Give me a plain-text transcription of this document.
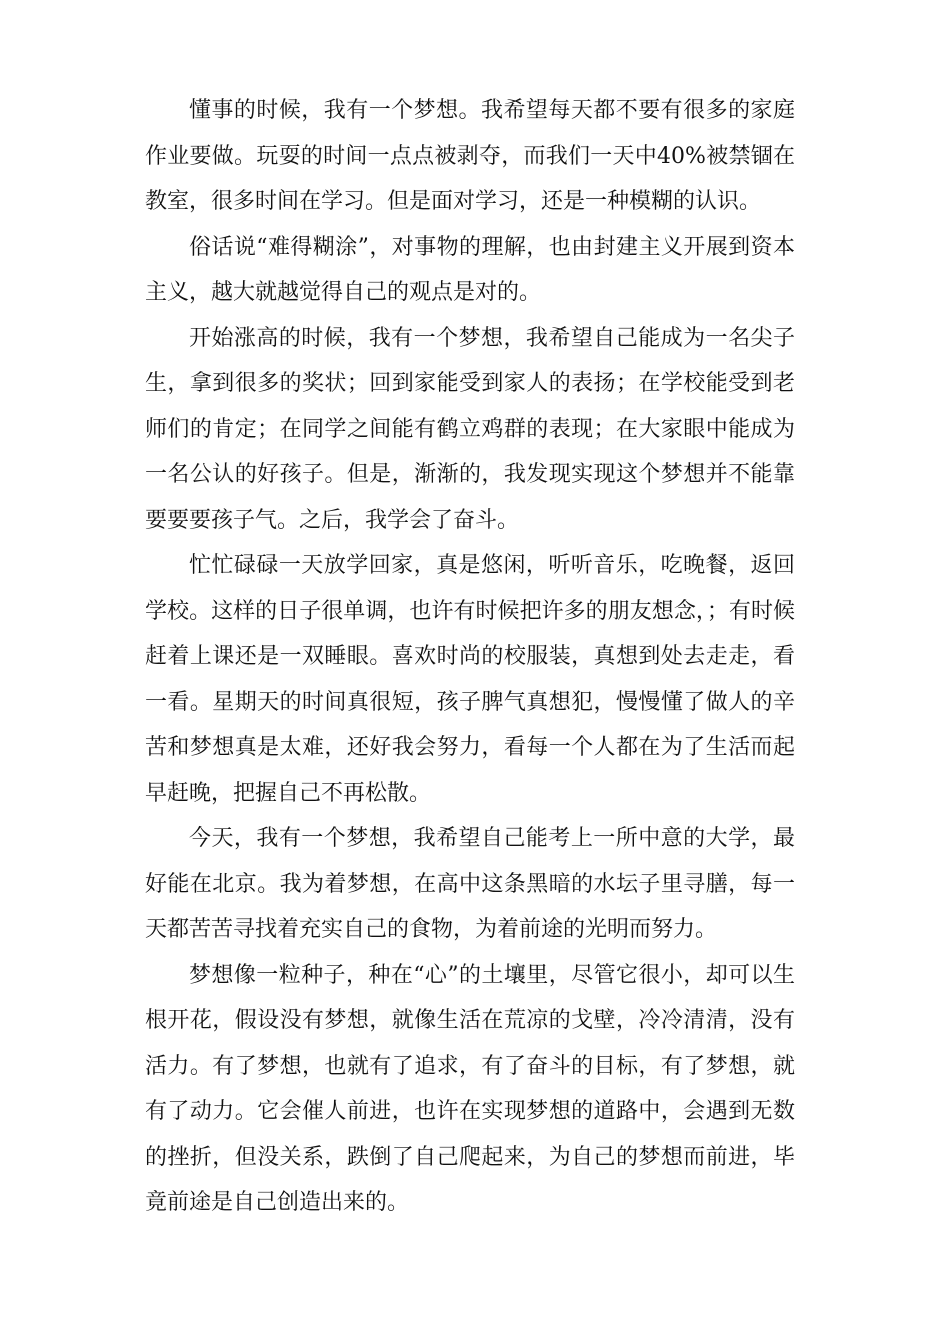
懂事的时候，我有一个梦想。我希望每天都不要有很多的家庭作业要做。玩耍的时间一点点被剥夺，而我们一天中40%被禁锢在教室，很多时间在学习。但是面对学习，还是一种模糊的认识。

俗话说“难得糊涂”，对事物的理解，也由封建主义开展到资本主义，越大就越觉得自己的观点是对的。

开始涨高的时候，我有一个梦想，我希望自己能成为一名尖子生，拿到很多的奖状；回到家能受到家人的表扬；在学校能受到老师们的肯定；在同学之间能有鹤立鸡群的表现；在大家眼中能成为一名公认的好孩子。但是，渐渐的，我发现实现这个梦想并不能靠要要要孩子气。之后，我学会了奋斗。

忙忙碌碌一天放学回家，真是悠闲，听听音乐，吃晚餐，返回学校。这样的日子很单调，也许有时候把许多的朋友想念，；有时候赶着上课还是一双睡眼。喜欢时尚的校服装，真想到处去走走，看一看。星期天的时间真很短，孩子脾气真想犯，慢慢懂了做人的辛苦和梦想真是太难，还好我会努力，看每一个人都在为了生活而起早赶晚，把握自己不再松散。

今天，我有一个梦想，我希望自己能考上一所中意的大学，最好能在北京。我为着梦想，在高中这条黑暗的水坛子里寻膳，每一天都苦苦寻找着充实自己的食物，为着前途的光明而努力。

梦想像一粒种子，种在“心”的土壤里，尽管它很小，却可以生根开花，假设没有梦想，就像生活在荒凉的戈壁，冷冷清清，没有活力。有了梦想，也就有了追求，有了奋斗的目标，有了梦想，就有了动力。它会催人前进，也许在实现梦想的道路中，会遇到无数的挫折，但没关系，跌倒了自己爬起来，为自己的梦想而前进，毕竟前途是自己创造出来的。
